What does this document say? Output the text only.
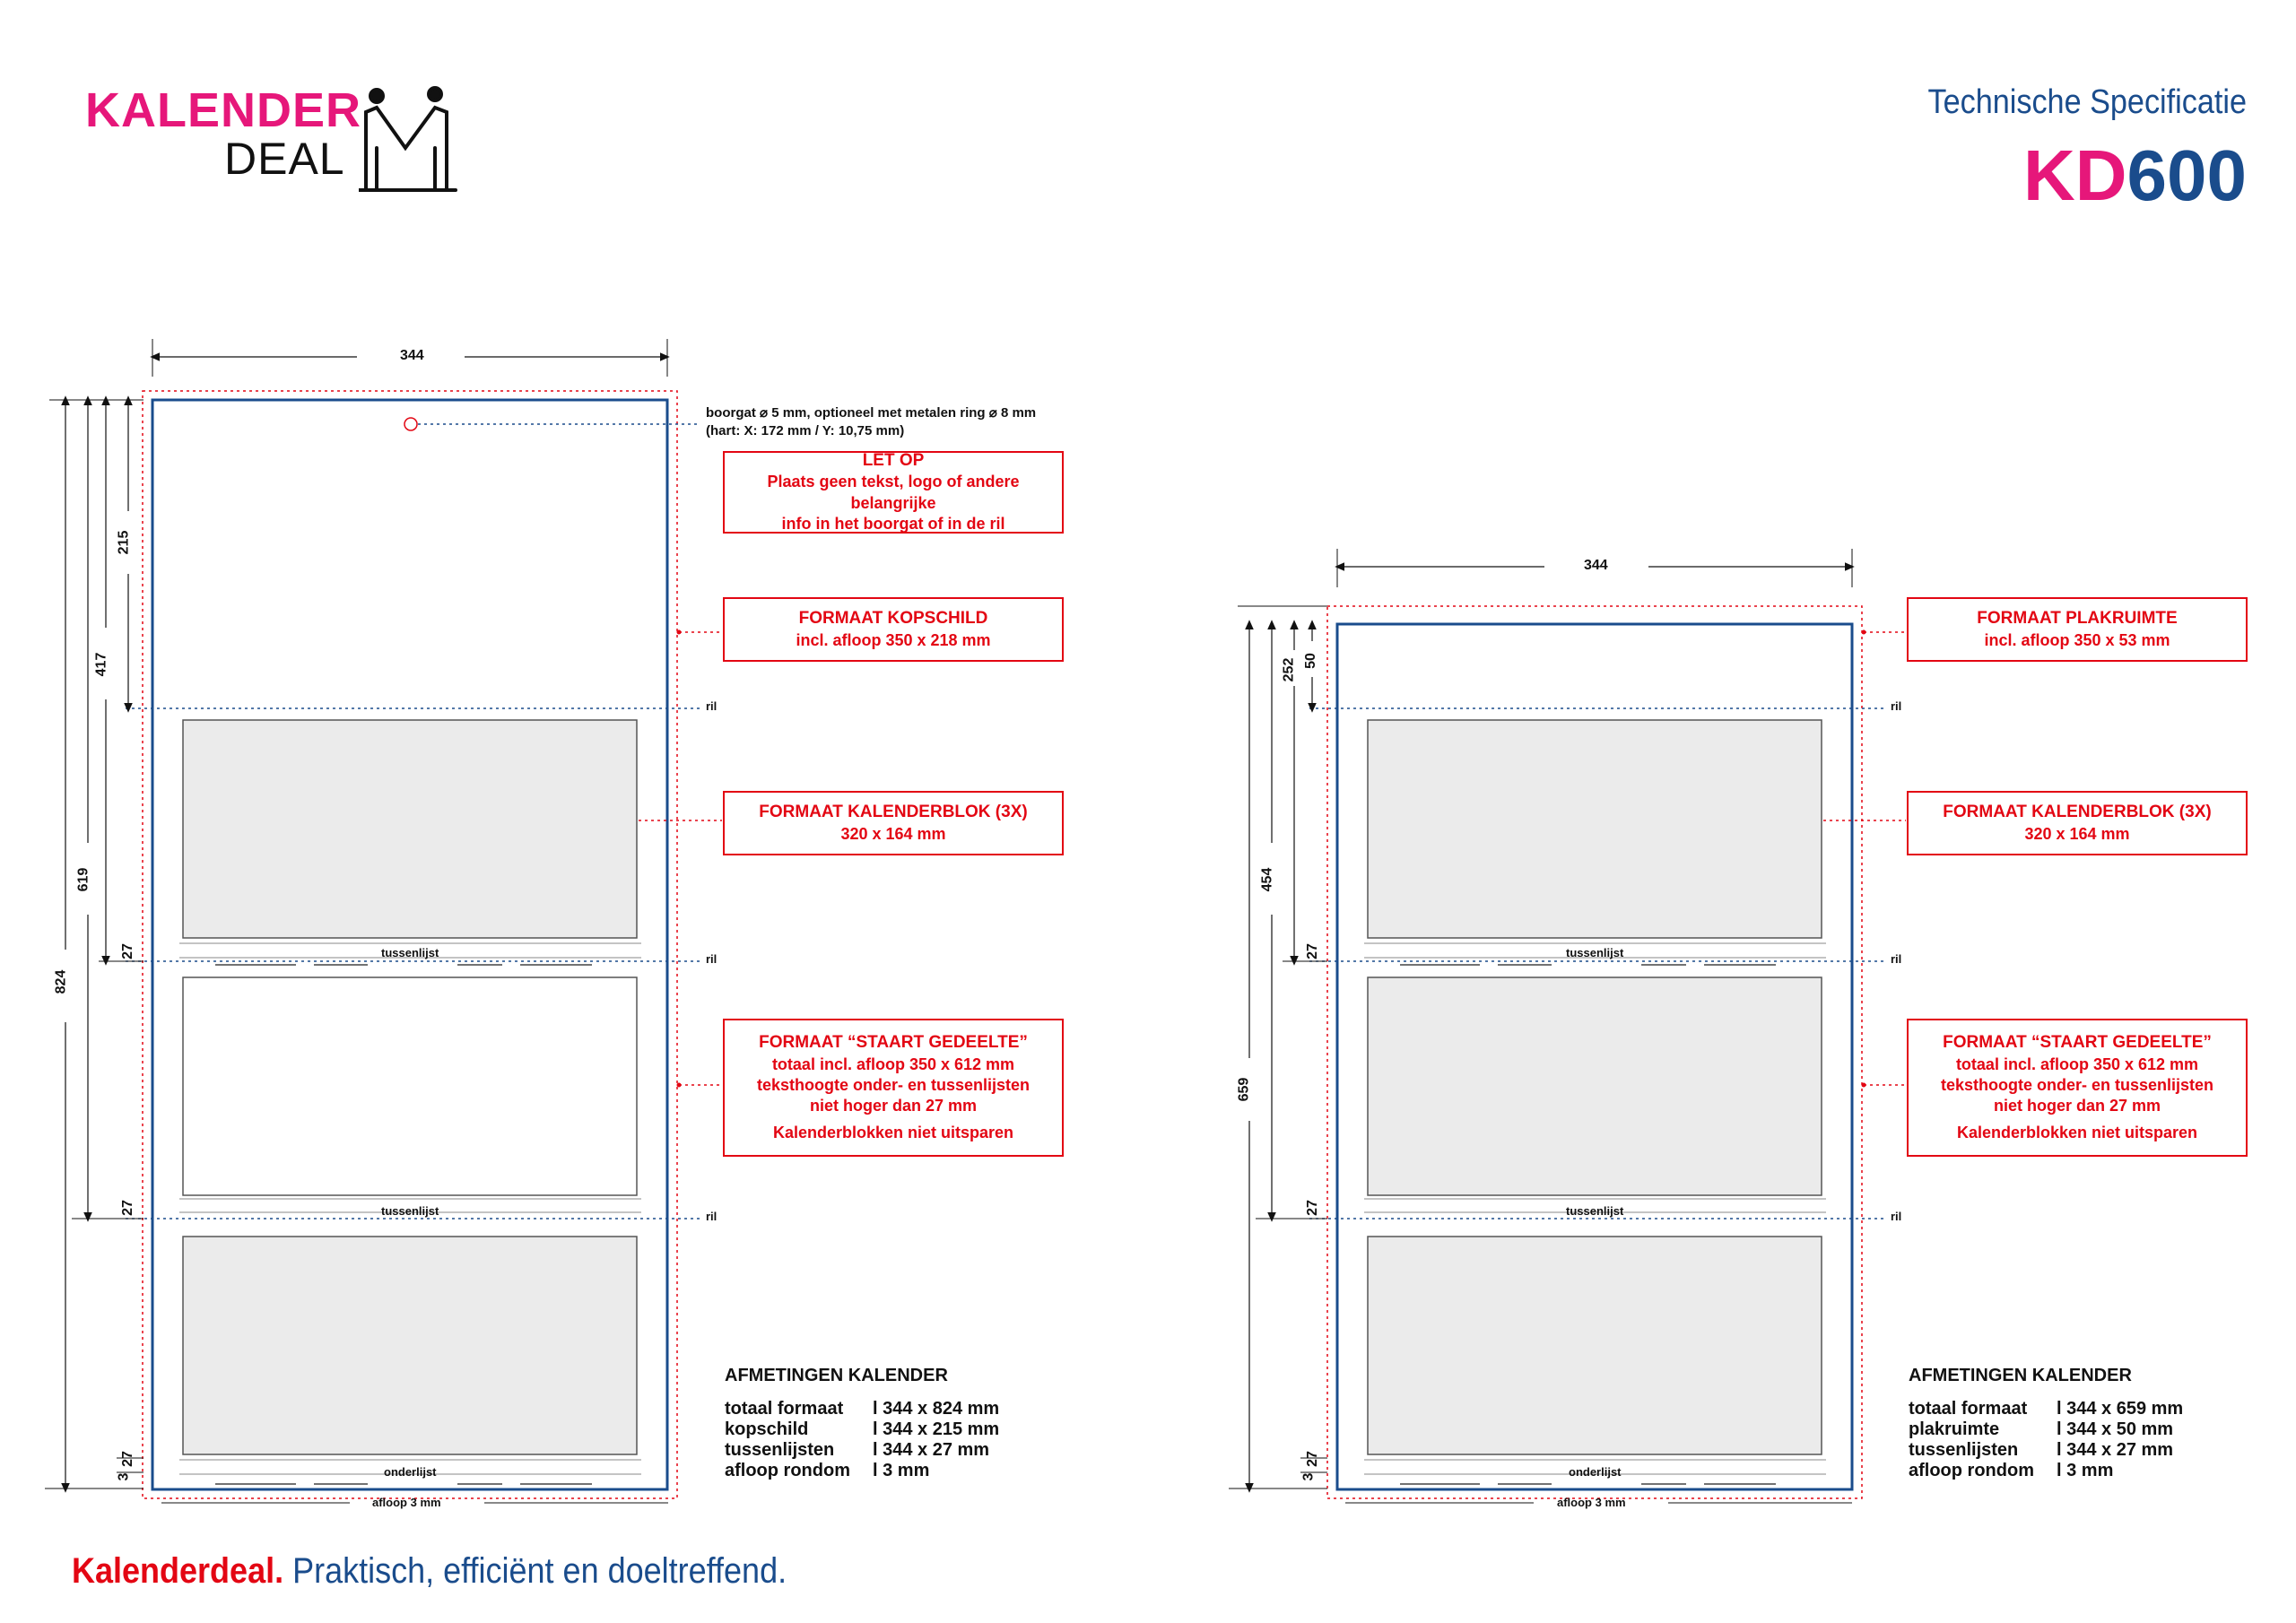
KALENDER
DEAL
Technische Specificatie
KD600
344
824
619
417
215
27
27
3
27
boorgat ⌀ 5 mm, optioneel met metalen ring ⌀ 8 mm
(hart: X: 172 mm / Y: 10,75 mm)
LET OP
Plaats geen tekst, logo of andere belangrijke
info in het boorgat of in de ril
FORMAAT KOPSCHILD
incl. afloop 350 x 218 mm
FORMAAT KALENDERBLOK (3X)
320 x 164 mm
FORMAAT “STAART GEDEELTE”
totaal incl. afloop 350 x 612 mm
teksthoogte onder- en tussenlijsten
niet hoger dan 27 mm
Kalenderblokken niet uitsparen
ril
ril
ril
tussenlijst
tussenlijst
onderlijst
afloop 3 mm
AFMETINGEN KALENDER
totaal formaat	l 344 x 824 mm
kopschild	l 344 x 215 mm
tussenlijsten	l 344 x 27 mm
afloop rondom	l 3 mm
344
659
454
252 50
27
27
3
27
FORMAAT PLAKRUIMTE
incl. afloop 350 x 53 mm
FORMAAT KALENDERBLOK (3X)
320 x 164 mm
FORMAAT “STAART GEDEELTE”
totaal incl. afloop 350 x 612 mm
teksthoogte onder- en tussenlijsten
niet hoger dan 27 mm
Kalenderblokken niet uitsparen
ril
ril
ril
tussenlijst
tussenlijst
onderlijst
afloop 3 mm
AFMETINGEN KALENDER
totaal formaat	l 344 x 659 mm
plakruimte	l 344 x 50 mm
tussenlijsten	l 344 x 27 mm
afloop rondom	l 3 mm
Kalenderdeal. Praktisch, efficiënt en doeltreffend.
